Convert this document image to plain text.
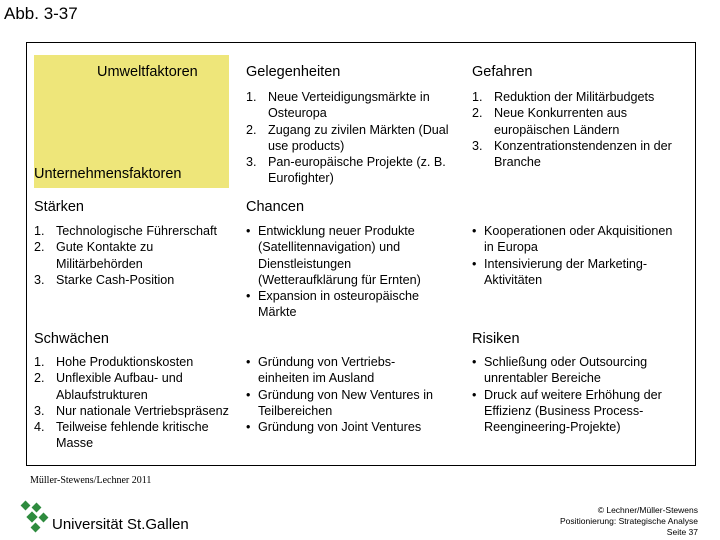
Abb. 3-37
Umweltfaktoren
Unternehmensfaktoren
Gelegenheiten
1. Neue Verteidigungsmärkte in Osteuropa
2. Zugang zu zivilen Märkten (Dual use products)
3. Pan-europäische Projekte (z. B. Eurofighter)
Gefahren
1. Reduktion der Militärbudgets
2. Neue Konkurrenten aus europäischen Ländern
3. Konzentrationstendenzen in der Branche
Stärken
1. Technologische Führerschaft
2. Gute Kontakte zu Militärbehörden
3. Starke Cash-Position
Chancen
• Entwicklung neuer Produkte (Satellitennavigation) und Dienstleistungen (Wetteraufklärung für Ernten)
• Expansion in osteuropäische Märkte
• Kooperationen oder Akquisitionen in Europa
• Intensivierung der Marketing-Aktivitäten
Schwächen
1. Hohe Produktionskosten
2. Unflexible Aufbau- und Ablaufstrukturen
3. Nur nationale Vertriebspräsenz
4. Teilweise fehlende kritische Masse
• Gründung von Vertriebs-einheiten im Ausland
• Gründung von New Ventures in Teilbereichen
• Gründung von Joint Ventures
Risiken
• Schließung oder Outsourcing unrentabler Bereiche
• Druck auf weitere Erhöhung der Effizienz (Business Process-Reengineering-Projekte)
Müller-Stewens/Lechner 2011
Universität St.Gallen
© Lechner/Müller-Stewens
Positionierung: Strategische Analyse
Seite 37
